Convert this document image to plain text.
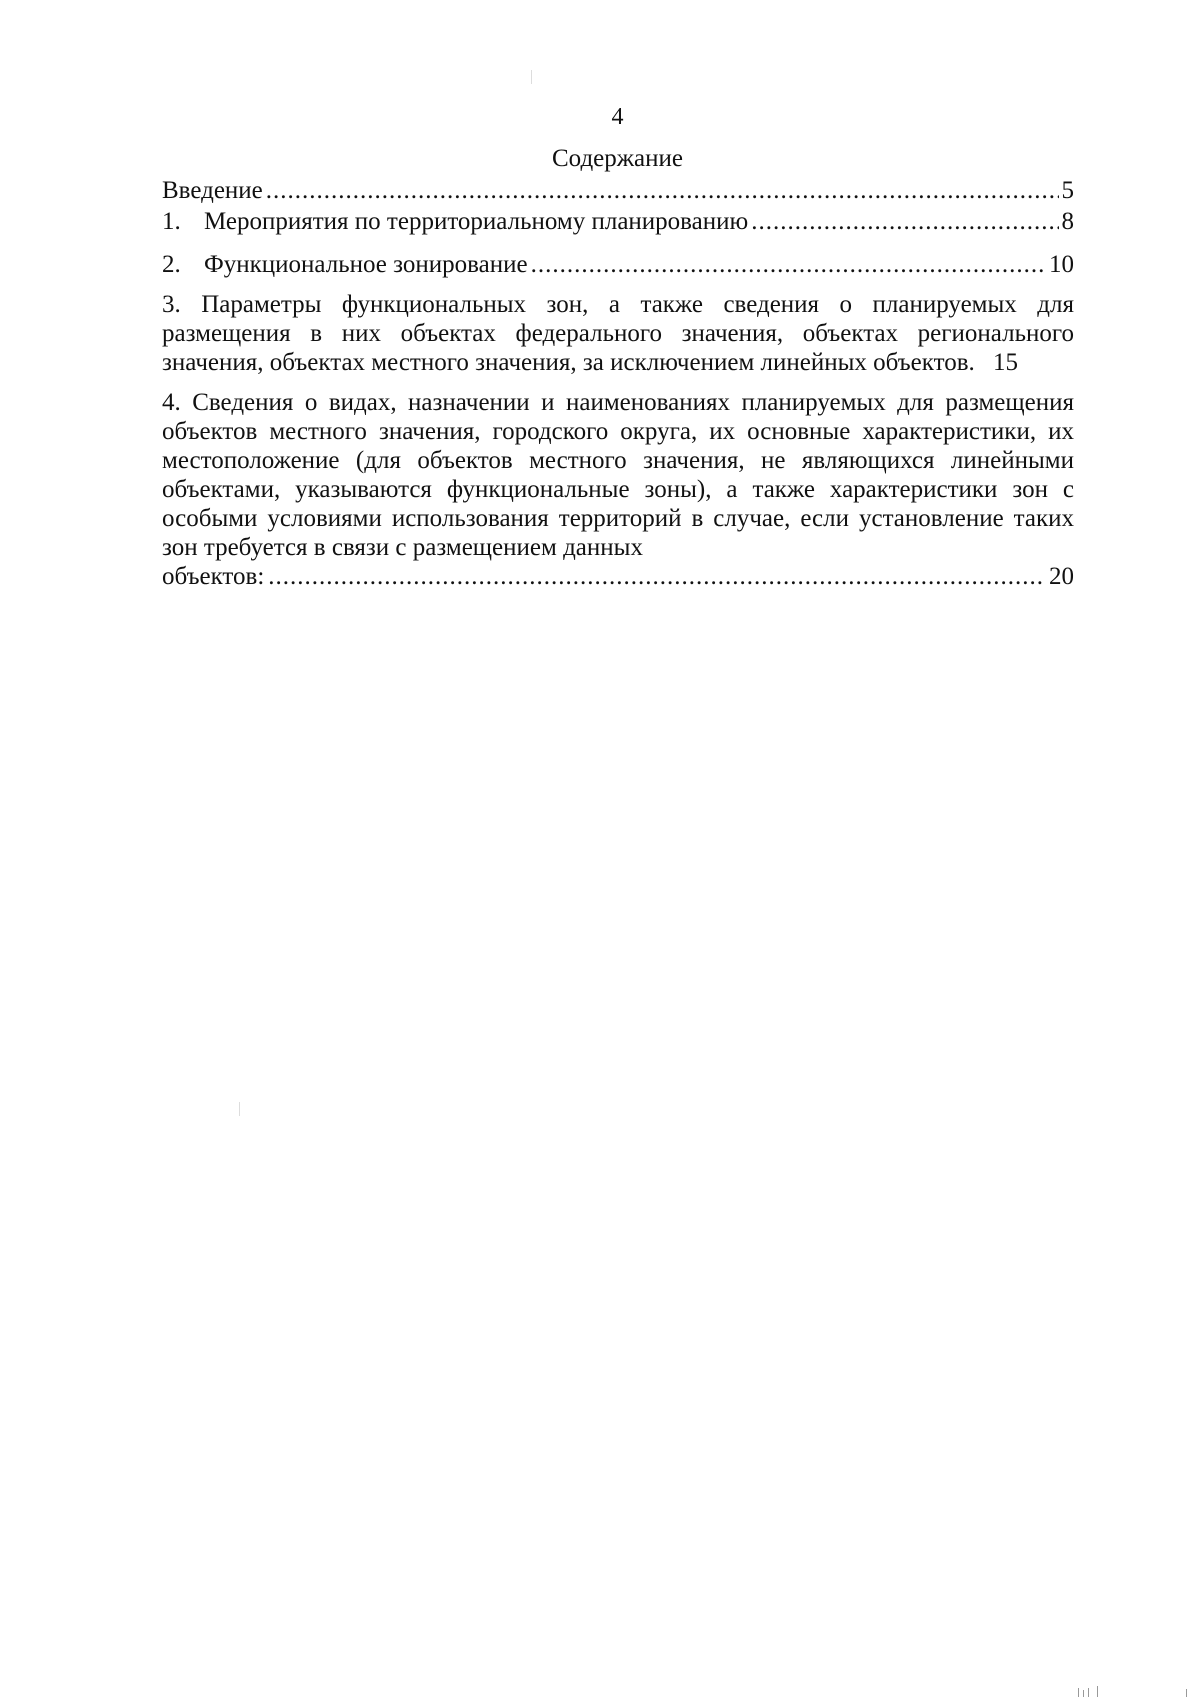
4
Содержание
Введение .....	5
1. Мероприятия по территориальному планированию .....	8
2. Функциональное зонирование .....	10
3. Параметры функциональных зон, а также сведения о планируемых для размещения в них объектах федерального значения, объектах регионального значения, объектах местного значения, за исключением линейных объектов. 15
4. Сведения о видах, назначении и наименованиях планируемых для размещения объектов местного значения, городского округа, их основные характеристики, их местоположение (для объектов местного значения, не являющихся линейными объектами, указываются функциональные зоны), а также характеристики зон с особыми условиями использования территорий в случае, если установление таких зон требуется в связи с размещением данных
объектов: .....	20
